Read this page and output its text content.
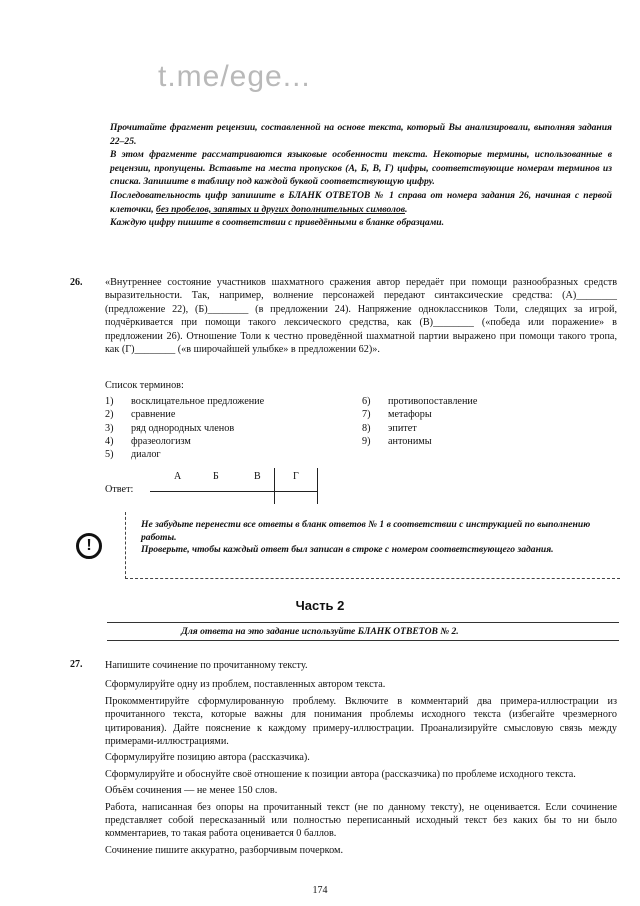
t.me/ege...

Прочитайте фрагмент рецензии, составленной на основе текста, который Вы анализировали, выполняя задания 22–25.

В этом фрагменте рассматриваются языковые особенности текста. Некоторые термины, использованные в рецензии, пропущены. Вставьте на места пропусков (А, Б, В, Г) цифры, соответствующие номерам терминов из списка. Запишите в таблицу под каждой буквой соответствующую цифру.

Последовательность цифр запишите в БЛАНК ОТВЕТОВ № 1 справа от номера задания 26, начиная с первой клеточки, без пробелов, запятых и других дополнительных символов.

Каждую цифру пишите в соответствии с приведёнными в бланке образцами.

26. «Внутреннее состояние участников шахматного сражения автор передаёт при помощи разнообразных средств выразительности. Так, например, волнение персонажей передают синтаксические средства: (А)________ (предложение 22), (Б)________ (в предложении 24). Напряжение одноклассников Толи, следящих за игрой, подчёркивается при помощи такого лексического средства, как (В)________ («победа или поражение» в предложении 26). Отношение Толи к честно проведённой шахматной партии выражено при помощи такого тропа, как (Г)________ («в широчайшей улыбке» в предложении 62)».

Список терминов:
1)	восклицательное предложение
2)	сравнение
3)	ряд однородных членов
4)	фразеологизм
5)	диалог
6)	противопоставление
7)	метафоры
8)	эпитет
9)	антонимы
Ответ:
А	Б	В	Г
!

Не забудьте перенести все ответы в бланк ответов № 1 в соответствии с инструкцией по выполнению работы.

Проверьте, чтобы каждый ответ был записан в строке с номером соответствующего задания.

Часть 2
Для ответа на это задание используйте БЛАНК ОТВЕТОВ № 2.
27. Напишите сочинение по прочитанному тексту.

Сформулируйте одну из проблем, поставленных автором текста.

Прокомментируйте сформулированную проблему. Включите в комментарий два примера-иллюстрации из прочитанного текста, которые важны для понимания проблемы исходного текста (избегайте чрезмерного цитирования). Дайте пояснение к каждому примеру-иллюстрации. Проанализируйте смысловую связь между примерами-иллюстрациями.

Сформулируйте позицию автора (рассказчика).

Сформулируйте и обоснуйте своё отношение к позиции автора (рассказчика) по проблеме исходного текста.

Объём сочинения — не менее 150 слов.

Работа, написанная без опоры на прочитанный текст (не по данному тексту), не оценивается. Если сочинение представляет собой пересказанный или полностью переписанный исходный текст без каких бы то ни было комментариев, то такая работа оценивается 0 баллов.

Сочинение пишите аккуратно, разборчивым почерком.

174
